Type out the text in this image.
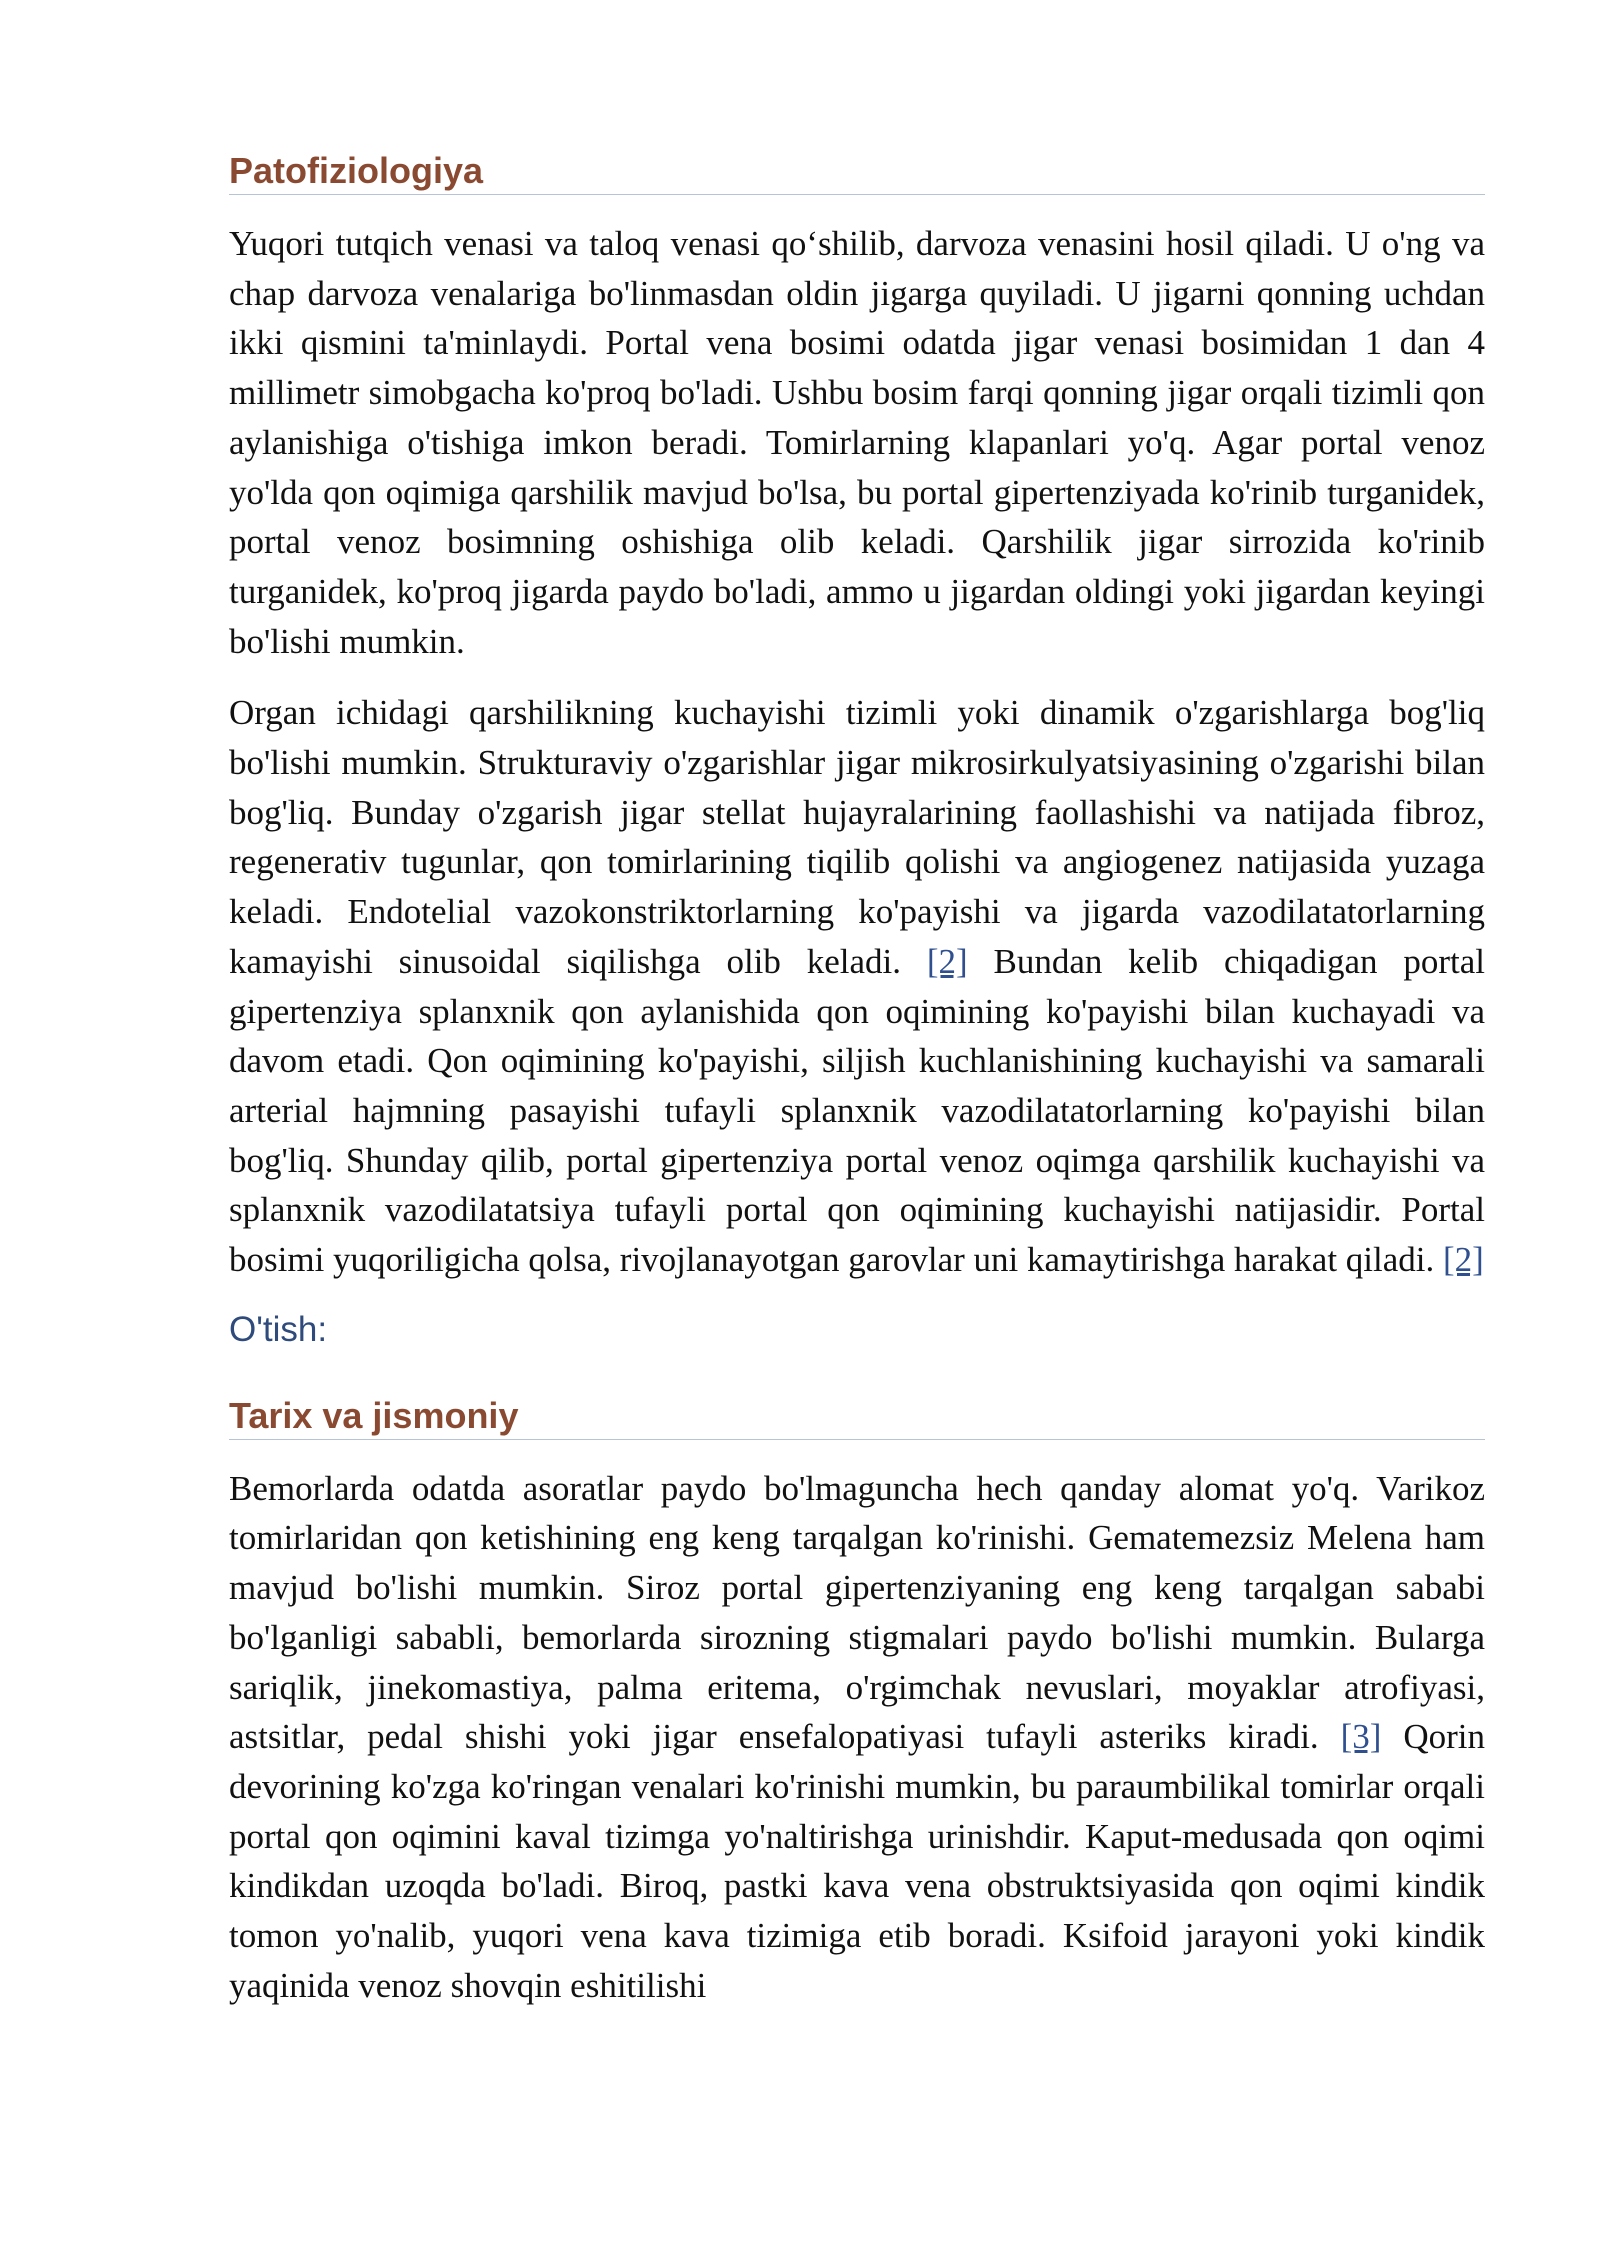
Patofiziologiya

Yuqori tutqich venasi va taloq venasi qo‘shilib, darvoza venasini hosil qiladi. U o'ng va chap darvoza venalariga bo'linmasdan oldin jigarga quyiladi. U jigarni qonning uchdan ikki qismini ta'minlaydi. Portal vena bosimi odatda jigar venasi bosimidan 1 dan 4 millimetr simobgacha ko'proq bo'ladi. Ushbu bosim farqi qonning jigar orqali tizimli qon aylanishiga o'tishiga imkon beradi. Tomirlarning klapanlari yo'q. Agar portal venoz yo'lda qon oqimiga qarshilik mavjud bo'lsa, bu portal gipertenziyada ko'rinib turganidek, portal venoz bosimning oshishiga olib keladi. Qarshilik jigar sirrozida ko'rinib turganidek, ko'proq jigarda paydo bo'ladi, ammo u jigardan oldingi yoki jigardan keyingi bo'lishi mumkin.

Organ ichidagi qarshilikning kuchayishi tizimli yoki dinamik o'zgarishlarga bog'liq bo'lishi mumkin. Strukturaviy o'zgarishlar jigar mikrosirkulyatsiyasining o'zgarishi bilan bog'liq. Bunday o'zgarish jigar stellat hujayralarining faollashishi va natijada fibroz, regenerativ tugunlar, qon tomirlarining tiqilib qolishi va angiogenez natijasida yuzaga keladi. Endotelial vazokonstriktorlarning ko'payishi va jigarda vazodilatatorlarning kamayishi sinusoidal siqilishga olib keladi. [2] Bundan kelib chiqadigan portal gipertenziya splanxnik qon aylanishida qon oqimining ko'payishi bilan kuchayadi va davom etadi. Qon oqimining ko'payishi, siljish kuchlanishining kuchayishi va samarali arterial hajmning pasayishi tufayli splanxnik vazodilatatorlarning ko'payishi bilan bog'liq. Shunday qilib, portal gipertenziya portal venoz oqimga qarshilik kuchayishi va splanxnik vazodilatatsiya tufayli portal qon oqimining kuchayishi natijasidir. Portal bosimi yuqoriligicha qolsa, rivojlanayotgan garovlar uni kamaytirishga harakat qiladi. [2]

O'tish:
Tarix va jismoniy

Bemorlarda odatda asoratlar paydo bo'lmaguncha hech qanday alomat yo'q. Varikoz tomirlaridan qon ketishining eng keng tarqalgan ko'rinishi. Gematemezsiz Melena ham mavjud bo'lishi mumkin. Siroz portal gipertenziyaning eng keng tarqalgan sababi bo'lganligi sababli, bemorlarda sirozning stigmalari paydo bo'lishi mumkin. Bularga sariqlik, jinekomastiya, palma eritema, o'rgimchak nevuslari, moyaklar atrofiyasi, astsitlar, pedal shishi yoki jigar ensefalopatiyasi tufayli asteriks kiradi. [3] Qorin devorining ko'zga ko'ringan venalari ko'rinishi mumkin, bu paraumbilikal tomirlar orqali portal qon oqimini kaval tizimga yo'naltirishga urinishdir. Kaput-medusada qon oqimi kindikdan uzoqda bo'ladi. Biroq, pastki kava vena obstruktsiyasida qon oqimi kindik tomon yo'nalib, yuqori vena kava tizimiga etib boradi. Ksifoid jarayoni yoki kindik yaqinida venoz shovqin eshitilishi
